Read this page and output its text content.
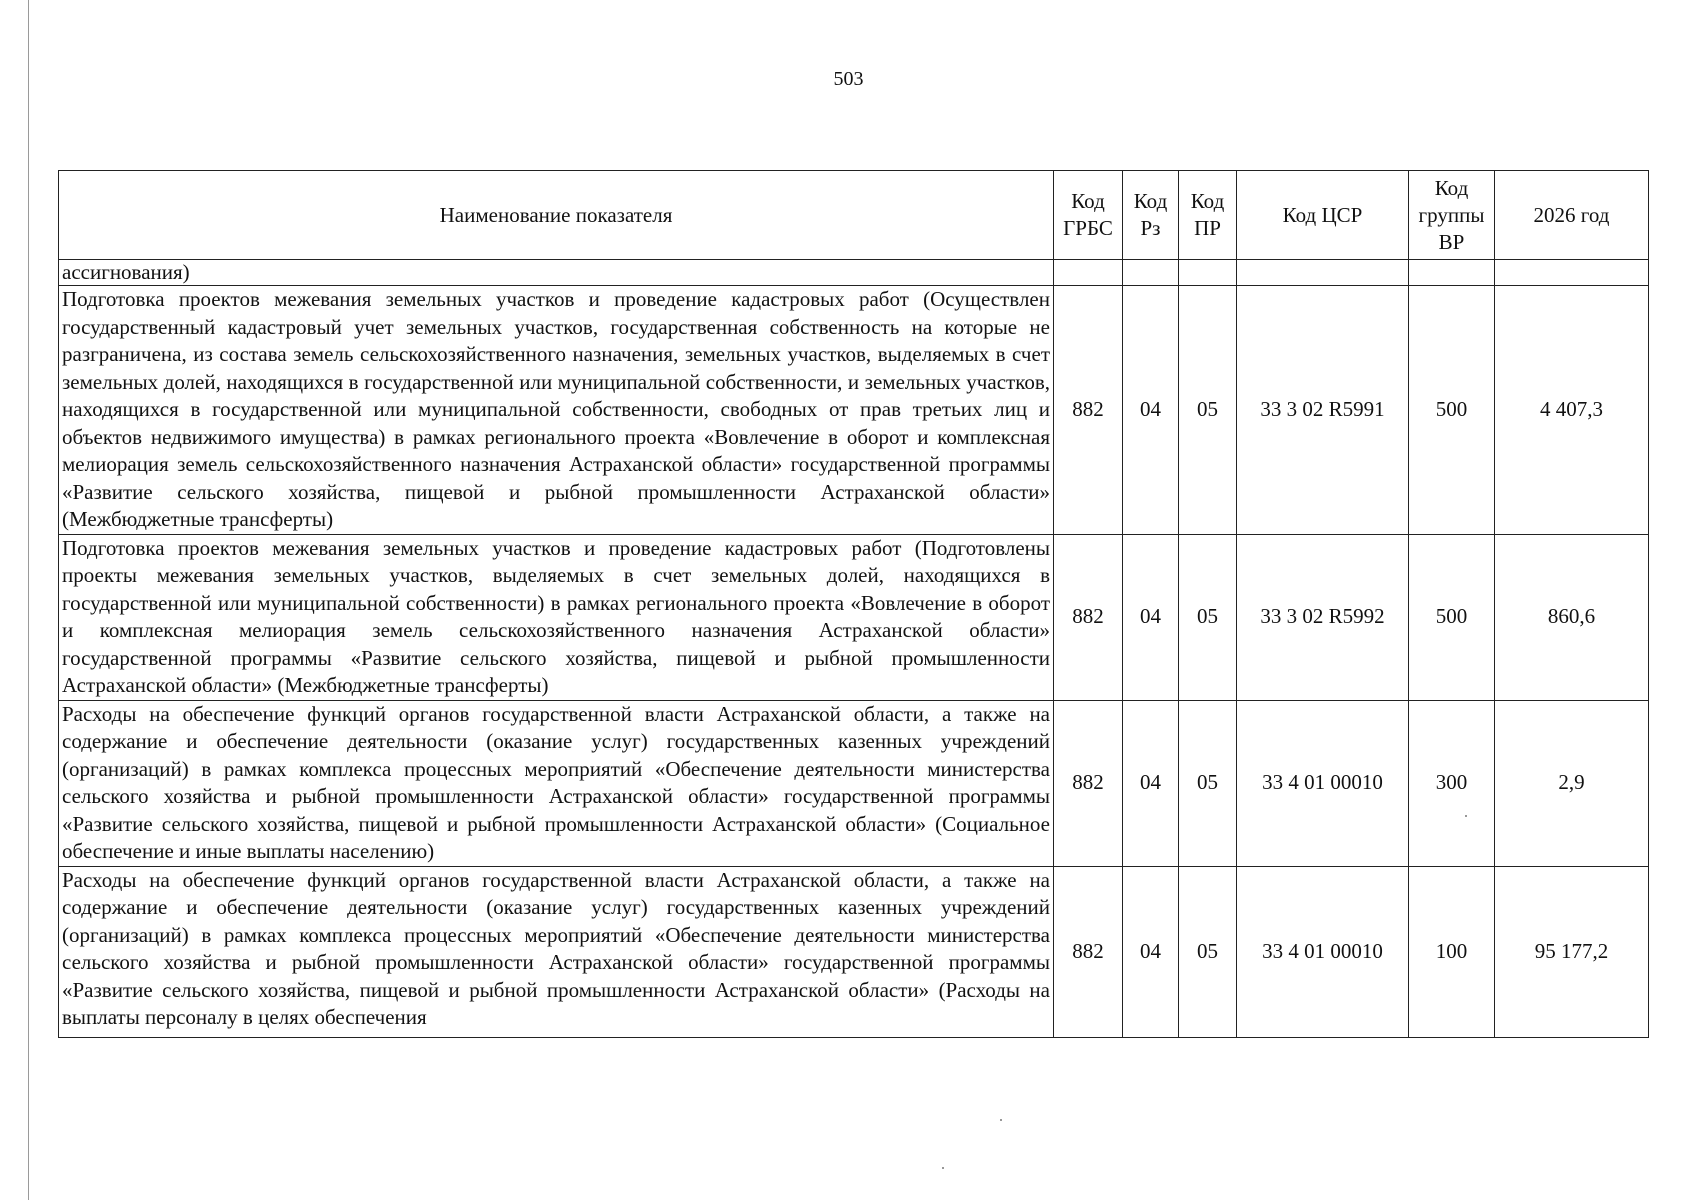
503
Наименование показателя	Код ГРБС	Код Рз	Код ПР	Код ЦСР	Код группы ВР	2026 год
ассигнования)						
Подготовка проектов межевания земельных участков и проведение кадастровых работ (Осуществлен государственный кадастровый учет земельных участков, государственная собственность на которые не разграничена, из состава земель сельскохозяйственного назначения, земельных участков, выделяемых в счет земельных долей, находящихся в государственной или муниципальной собственности, и земельных участков, находящихся в государственной или муниципальной собственности, свободных от прав третьих лиц и объектов недвижимого имущества) в рамках регионального проекта «Вовлечение в оборот и комплексная мелиорация земель сельскохозяйственного назначения Астраханской области» государственной программы «Развитие сельского хозяйства, пищевой и рыбной промышленности Астраханской области» (Межбюджетные трансферты)	882	04	05	33 3 02 R5991	500	4 407,3
Подготовка проектов межевания земельных участков и проведение кадастровых работ (Подготовлены проекты межевания земельных участков, выделяемых в счет земельных долей, находящихся в государственной или муниципальной собственности) в рамках регионального проекта «Вовлечение в оборот и комплексная мелиорация земель сельскохозяйственного назначения Астраханской области» государственной программы «Развитие сельского хозяйства, пищевой и рыбной промышленности Астраханской области» (Межбюджетные трансферты)	882	04	05	33 3 02 R5992	500	860,6
Расходы на обеспечение функций органов государственной власти Астраханской области, а также на содержание и обеспечение деятельности (оказание услуг) государственных казенных учреждений (организаций) в рамках комплекса процессных мероприятий «Обеспечение деятельности министерства сельского хозяйства и рыбной промышленности Астраханской области» государственной программы «Развитие сельского хозяйства, пищевой и рыбной промышленности Астраханской области» (Социальное обеспечение и иные выплаты населению)	882	04	05	33 4 01 00010	300	2,9

Расходы на обеспечение функций органов государственной власти Астраханской области, а также на содержание и обеспечение деятельности (оказание услуг) государственных казенных учреждений (организаций) в рамках комплекса процессных мероприятий «Обеспечение деятельности министерства сельского хозяйства и рыбной промышленности Астраханской области» государственной программы «Развитие сельского хозяйства, пищевой и рыбной промышленности Астраханской области» (Расходы на выплаты персоналу в целях обеспечения	882	04	05	33 4 01 00010	100	95 177,2
